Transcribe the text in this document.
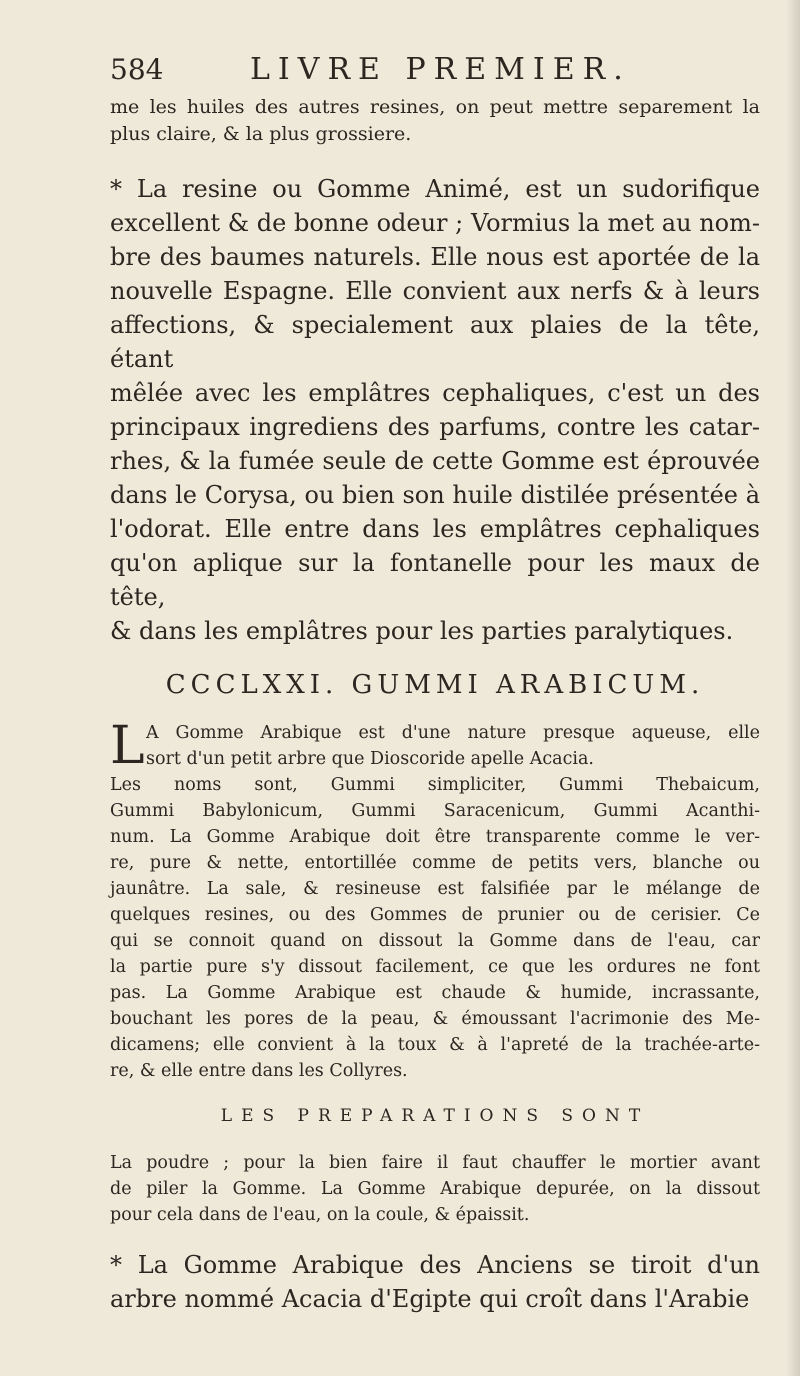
584	LIVRE PREMIER.
me les huiles des autres resines, on peut mettre separement la
plus claire, & la plus grossiere.
* La resine ou Gomme Animé, est un sudorifique
excellent & de bonne odeur ; Vormius la met au nom-
bre des baumes naturels. Elle nous est aportée de la
nouvelle Espagne. Elle convient aux nerfs & à leurs
affections, & specialement aux plaies de la tête, étant
mêlée avec les emplâtres cephaliques, c'est un des
principaux ingrediens des parfums, contre les catar-
rhes, & la fumée seule de cette Gomme est éprouvée
dans le Corysa, ou bien son huile distilée présentée à
l'odorat. Elle entre dans les emplâtres cephaliques
qu'on aplique sur la fontanelle pour les maux de tête,
& dans les emplâtres pour les parties paralytiques.
CCCLXXI. GUMMI ARABICUM.
L A Gomme Arabique est d'une nature presque aqueuse, elle
sort d'un petit arbre que Dioscoride apelle Acacia.
Les noms sont, Gummi simpliciter, Gummi Thebaicum,
Gummi Babylonicum, Gummi Saracenicum, Gummi Acanthi-
num. La Gomme Arabique doit être transparente comme le ver-
re, pure & nette, entortillée comme de petits vers, blanche ou
jaunâtre. La sale, & resineuse est falsifiée par le mélange de
quelques resines, ou des Gommes de prunier ou de cerisier. Ce
qui se connoit quand on dissout la Gomme dans de l'eau, car
la partie pure s'y dissout facilement, ce que les ordures ne font
pas. La Gomme Arabique est chaude & humide, incrassante,
bouchant les pores de la peau, & émoussant l'acrimonie des Me-
dicamens; elle convient à la toux & à l'apreté de la trachée-arte-
re, & elle entre dans les Collyres.
LES PREPARATIONS SONT
La poudre ; pour la bien faire il faut chauffer le mortier avant
de piler la Gomme. La Gomme Arabique depurée, on la dissout
pour cela dans de l'eau, on la coule, & épaissit.
* La Gomme Arabique des Anciens se tiroit d'un
arbre nommé Acacia d'Egipte qui croît dans l'Arabie
